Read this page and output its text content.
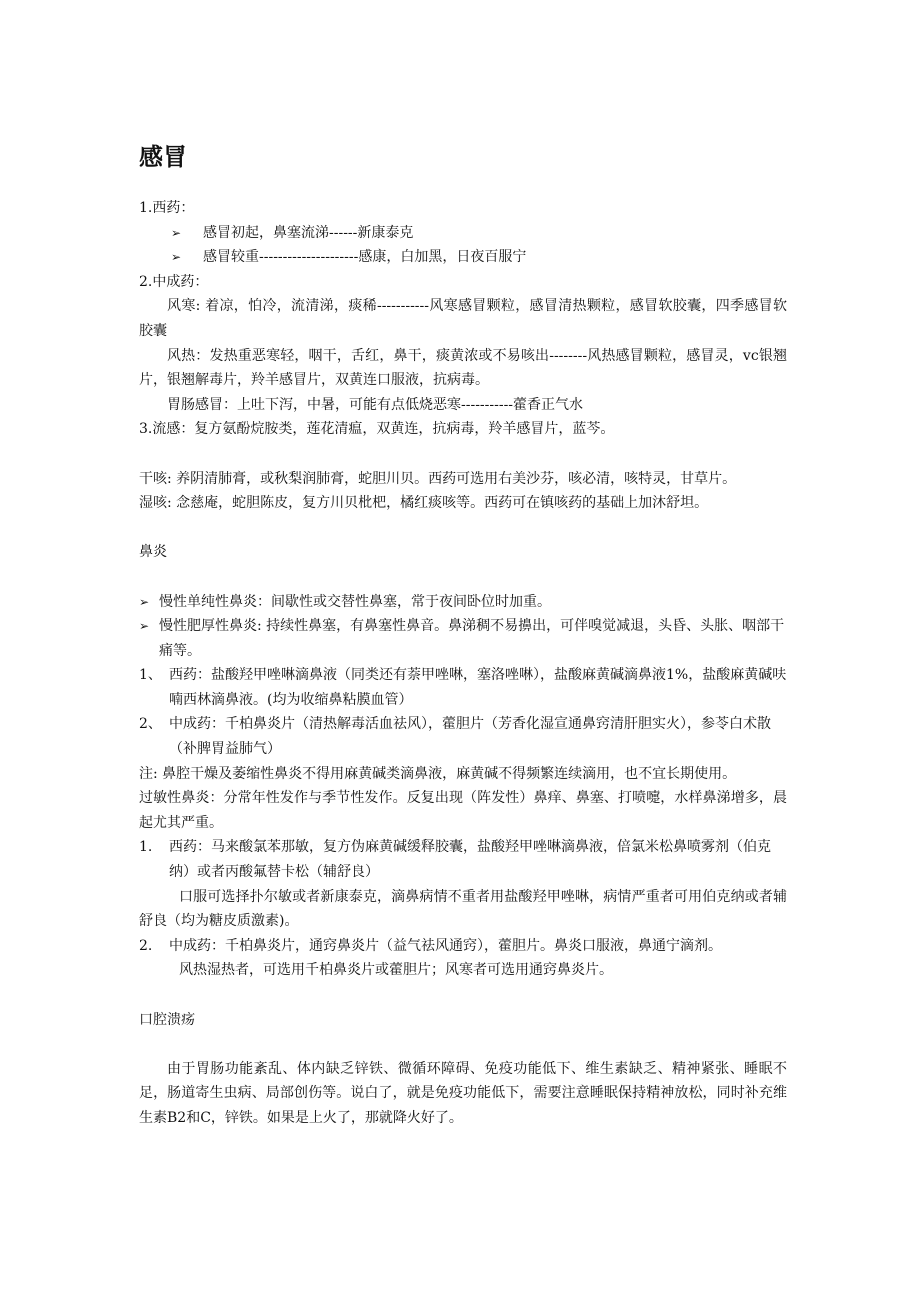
感冒

1.西药：

➢	感冒初起，鼻塞流涕------新康泰克
➢	感冒较重---------------------感康，白加黑，日夜百服宁

2.中成药：

风寒: 着凉，怕冷，流清涕，痰稀-----------风寒感冒颗粒，感冒清热颗粒，感冒软胶囊，四季感冒软胶囊

风热：发热重恶寒轻，咽干，舌红，鼻干，痰黄浓或不易咳出--------风热感冒颗粒，感冒灵，vc银翘片，银翘解毒片，羚羊感冒片，双黄连口服液，抗病毒。

胃肠感冒：上吐下泻，中暑，可能有点低烧恶寒-----------藿香正气水

3.流感：复方氨酚烷胺类，莲花清瘟，双黄连，抗病毒，羚羊感冒片，蓝芩。

干咳: 养阴清肺膏，或秋梨润肺膏，蛇胆川贝。西药可选用右美沙芬，咳必清，咳特灵，甘草片。

湿咳: 念慈庵，蛇胆陈皮，复方川贝枇杷，橘红痰咳等。西药可在镇咳药的基础上加沐舒坦。

鼻炎

➢ 慢性单纯性鼻炎：间歇性或交替性鼻塞，常于夜间卧位时加重。
➢ 慢性肥厚性鼻炎: 持续性鼻塞，有鼻塞性鼻音。鼻涕稠不易擤出，可伴嗅觉减退，头昏、头胀、咽部干痛等。
1、 西药：盐酸羟甲唑啉滴鼻液（同类还有萘甲唑啉，塞洛唑啉），盐酸麻黄碱滴鼻液1%，盐酸麻黄碱呋喃西林滴鼻液。(均为收缩鼻粘膜血管）
2、 中成药：千柏鼻炎片（清热解毒活血祛风），藿胆片（芳香化湿宣通鼻窍清肝胆实火），参苓白术散（补脾胃益肺气）

注: 鼻腔干燥及萎缩性鼻炎不得用麻黄碱类滴鼻液，麻黄碱不得频繁连续滴用，也不宜长期使用。

过敏性鼻炎：分常年性发作与季节性发作。反复出现（阵发性）鼻痒、鼻塞、打喷嚏，水样鼻涕增多，晨起尤其严重。

1.	西药：马来酸氯苯那敏，复方伪麻黄碱缓释胶囊，盐酸羟甲唑啉滴鼻液，倍氯米松鼻喷雾剂（伯克纳）或者丙酸氟替卡松（辅舒良）

口服可选择扑尔敏或者新康泰克，滴鼻病情不重者用盐酸羟甲唑啉，病情严重者可用伯克纳或者辅舒良（均为糖皮质激素)。

2.	中成药：千柏鼻炎片，通窍鼻炎片（益气祛风通窍），藿胆片。鼻炎口服液，鼻通宁滴剂。

风热湿热者，可选用千柏鼻炎片或藿胆片；风寒者可选用通窍鼻炎片。

口腔溃疡

由于胃肠功能紊乱、体内缺乏锌铁、微循环障碍、免疫功能低下、维生素缺乏、精神紧张、睡眠不足，肠道寄生虫病、局部创伤等。说白了，就是免疫功能低下，需要注意睡眠保持精神放松，同时补充维生素B2和C，锌铁。如果是上火了，那就降火好了。
